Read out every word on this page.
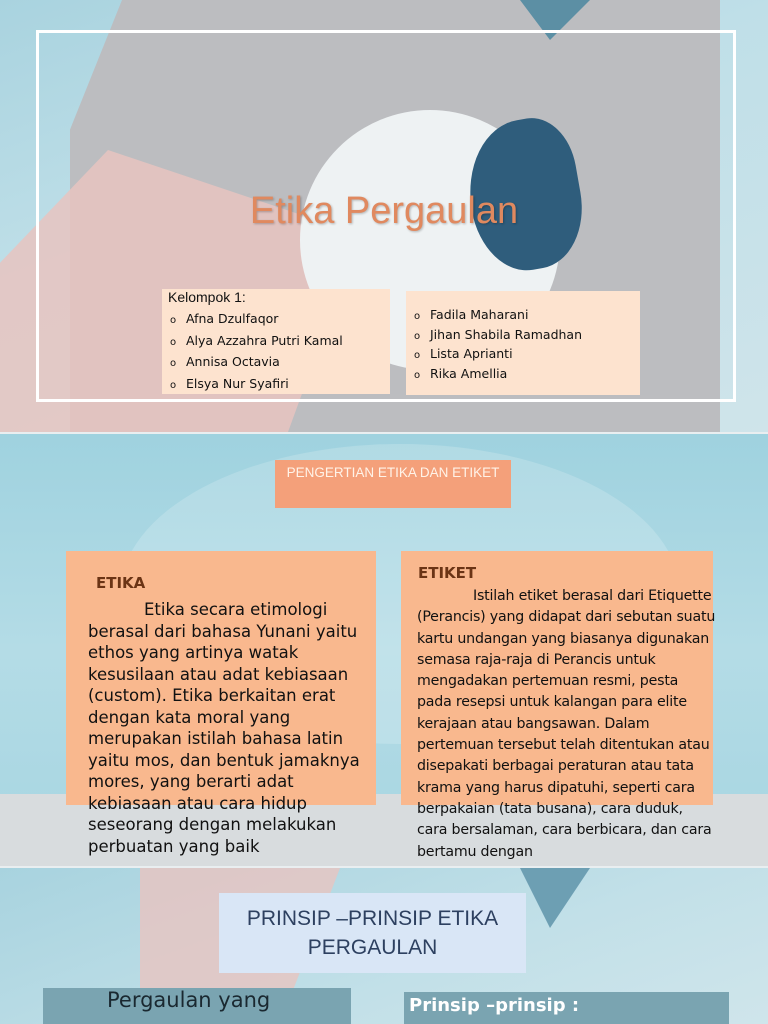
Etika Pergaulan
Kelompok 1:
o Afna Dzulfaqor
o Alya Azzahra Putri Kamal
o Annisa Octavia
o Elsya Nur Syafiri
o Fadila Maharani
o Jihan Shabila Ramadhan
o Lista Aprianti
o Rika Amellia
PENGERTIAN ETIKA DAN ETIKET
ETIKA

Etika secara etimologi berasal dari bahasa Yunani yaitu ethos yang artinya watak kesusilaan atau adat kebiasaan (custom). Etika berkaitan erat dengan kata moral yang merupakan istilah bahasa latin yaitu mos, dan bentuk jamaknya mores, yang berarti adat kebiasaan atau cara hidup seseorang dengan melakukan perbuatan yang baik

ETIKET

Istilah etiket berasal dari Etiquette (Perancis) yang didapat dari sebutan suatu kartu undangan yang biasanya digunakan semasa raja-raja di Perancis untuk mengadakan pertemuan resmi, pesta pada resepsi untuk kalangan para elite kerajaan atau bangsawan. Dalam pertemuan tersebut telah ditentukan atau disepakati berbagai peraturan atau tata krama yang harus dipatuhi, seperti cara berpakaian (tata busana), cara duduk, cara bersalaman, cara berbicara, dan cara bertamu dengan

PRINSIP –PRINSIP ETIKA PERGAULAN
Pergaulan yang	Prinsip –prinsip :
